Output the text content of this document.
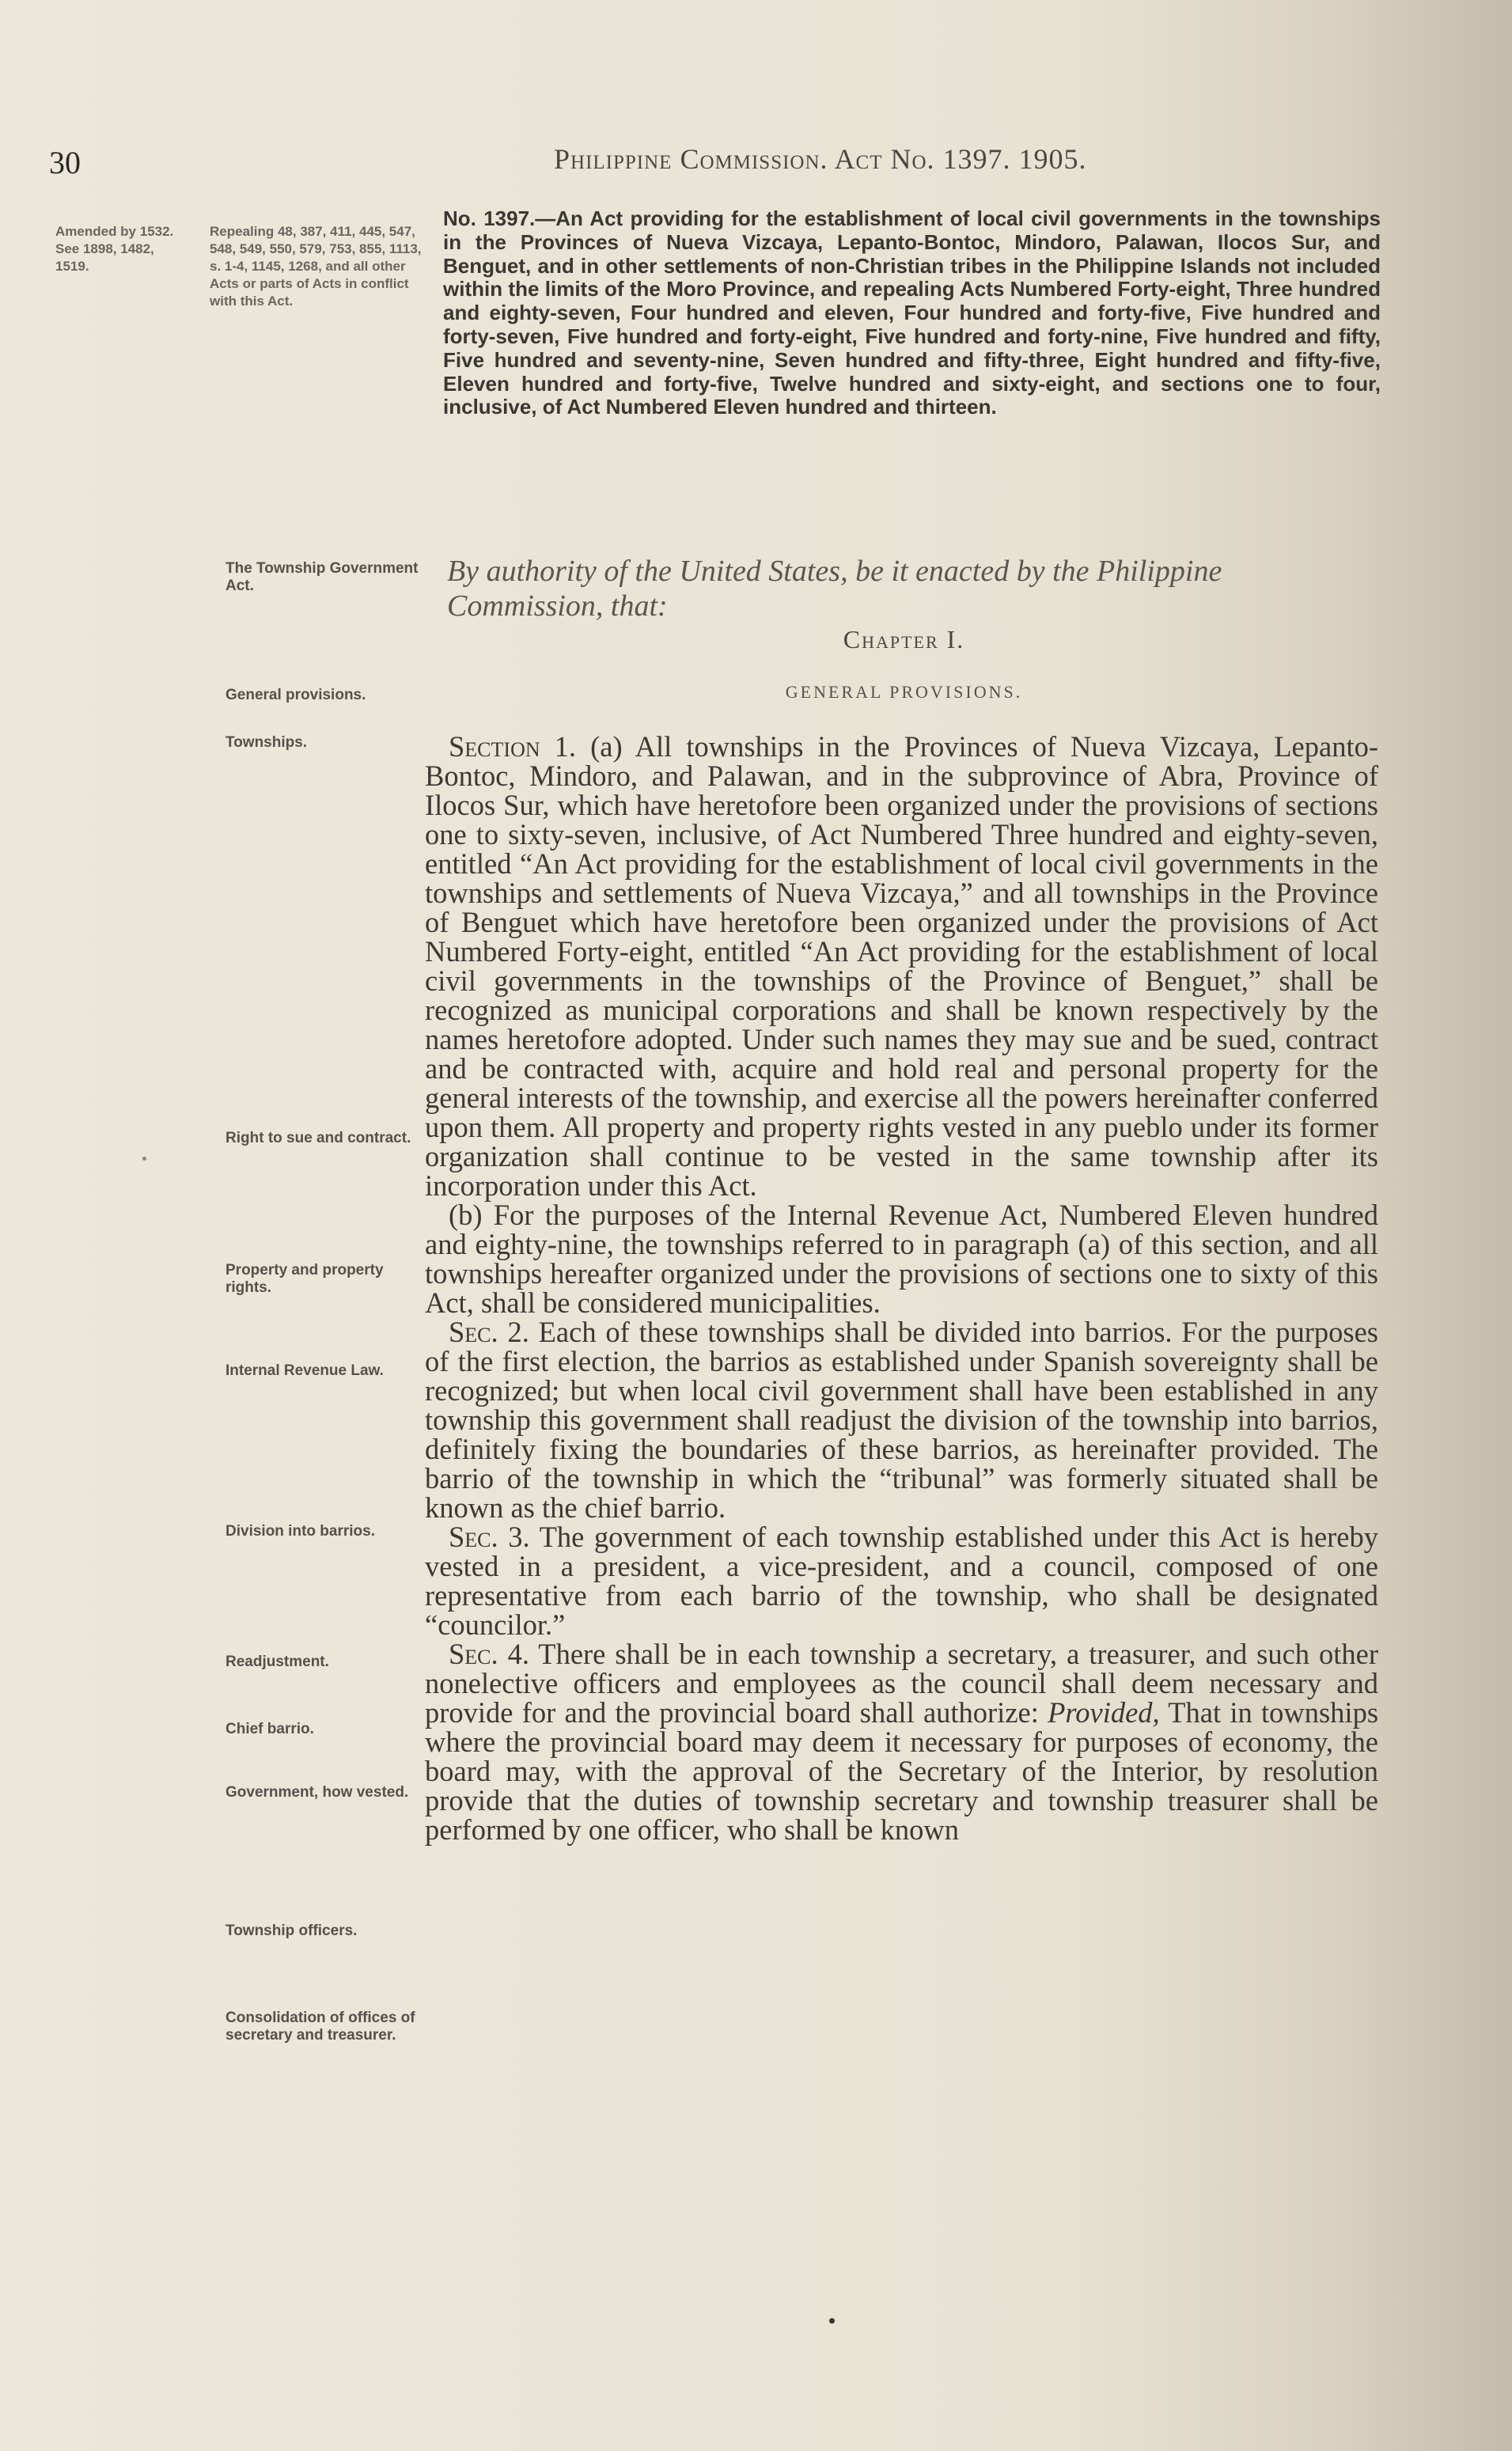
30	Philippine Commission. Act No. 1397. 1905.
Amended by 1532. See 1898, 1482, 1519.
Repealing 48, 387, 411, 445, 547, 548, 549, 550, 579, 753, 855, 1113, s. 1-4, 1145, 1268, and all other Acts or parts of Acts in conflict with this Act.
No. 1397.—An Act providing for the establishment of local civil governments in the townships in the Provinces of Nueva Vizcaya, Lepanto-Bontoc, Mindoro, Palawan, Ilocos Sur, and Benguet, and in other settlements of non-Christian tribes in the Philippine Islands not included within the limits of the Moro Province, and repealing Acts Numbered Forty-eight, Three hundred and eighty-seven, Four hundred and eleven, Four hundred and forty-five, Five hundred and forty-seven, Five hundred and forty-eight, Five hundred and forty-nine, Five hundred and fifty, Five hundred and seventy-nine, Seven hundred and fifty-three, Eight hundred and fifty-five, Eleven hundred and forty-five, Twelve hundred and sixty-eight, and sections one to four, inclusive, of Act Numbered Eleven hundred and thirteen.
The Township Government Act.	By authority of the United States, be it enacted by the Philippine Commission, that:
Chapter I.
General provisions.	GENERAL PROVISIONS.
Townships.
Right to sue and contract.
Property and property rights.
Internal Revenue Law.
Division into barrios.
Readjustment.
Chief barrio.
Government, how vested.
Township officers.
Consolidation of offices of secretary and treasurer.

Section 1. (a) All townships in the Provinces of Nueva Vizcaya, Lepanto-Bontoc, Mindoro, and Palawan, and in the subprovince of Abra, Province of Ilocos Sur, which have heretofore been organized under the provisions of sections one to sixty-seven, inclusive, of Act Numbered Three hundred and eighty-seven, entitled “An Act providing for the establishment of local civil governments in the townships and settlements of Nueva Vizcaya,” and all townships in the Province of Benguet which have heretofore been organized under the provisions of Act Numbered Forty-eight, entitled “An Act providing for the establishment of local civil governments in the townships of the Province of Benguet,” shall be recognized as municipal corporations and shall be known respectively by the names heretofore adopted. Under such names they may sue and be sued, contract and be contracted with, acquire and hold real and personal property for the general interests of the township, and exercise all the powers hereinafter conferred upon them. All property and property rights vested in any pueblo under its former organization shall continue to be vested in the same township after its incorporation under this Act.

(b) For the purposes of the Internal Revenue Act, Numbered Eleven hundred and eighty-nine, the townships referred to in paragraph (a) of this section, and all townships hereafter organized under the provisions of sections one to sixty of this Act, shall be considered municipalities.

Sec. 2. Each of these townships shall be divided into barrios. For the purposes of the first election, the barrios as established under Spanish sovereignty shall be recognized; but when local civil government shall have been established in any township this government shall readjust the division of the township into barrios, definitely fixing the boundaries of these barrios, as hereinafter provided. The barrio of the township in which the “tribunal” was formerly situated shall be known as the chief barrio.

Sec. 3. The government of each township established under this Act is hereby vested in a president, a vice-president, and a council, composed of one representative from each barrio of the township, who shall be designated “councilor.”

Sec. 4. There shall be in each township a secretary, a treasurer, and such other nonelective officers and employees as the council shall deem necessary and provide for and the provincial board shall authorize: Provided, That in townships where the provincial board may deem it necessary for purposes of economy, the board may, with the approval of the Secretary of the Interior, by resolution provide that the duties of township secretary and township treasurer shall be performed by one officer, who shall be known
